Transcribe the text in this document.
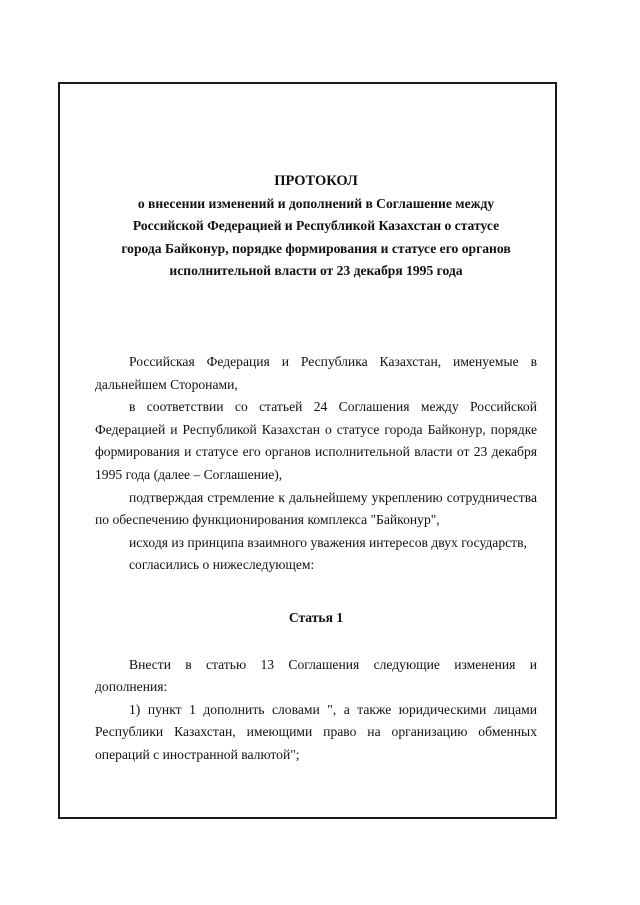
ПРОТОКОЛ

о внесении изменений и дополнений в Соглашение между
Российской Федерацией и Республикой Казахстан о статусе
города Байконур, порядке формирования и статусе его органов
исполнительной власти от 23 декабря 1995 года

Российская Федерация и Республика Казахстан, именуемые в
дальнейшем Сторонами,
в соответствии со статьей 24 Соглашения между Российской
Федерацией и Республикой Казахстан о статусе города Байконур, порядке
формирования и статусе его органов исполнительной власти от 23 декабря
1995 года (далее – Соглашение),
подтверждая стремление к дальнейшему укреплению сотрудничества
по обеспечению функционирования комплекса "Байконур",
исходя из принципа взаимного уважения интересов двух государств,
согласились о нижеследующем:

Статья 1

Внести в статью 13 Соглашения следующие изменения и
дополнения:
1) пункт 1 дополнить словами ", а также юридическими лицами
Республики Казахстан, имеющими право на организацию обменных
операций с иностранной валютой";
